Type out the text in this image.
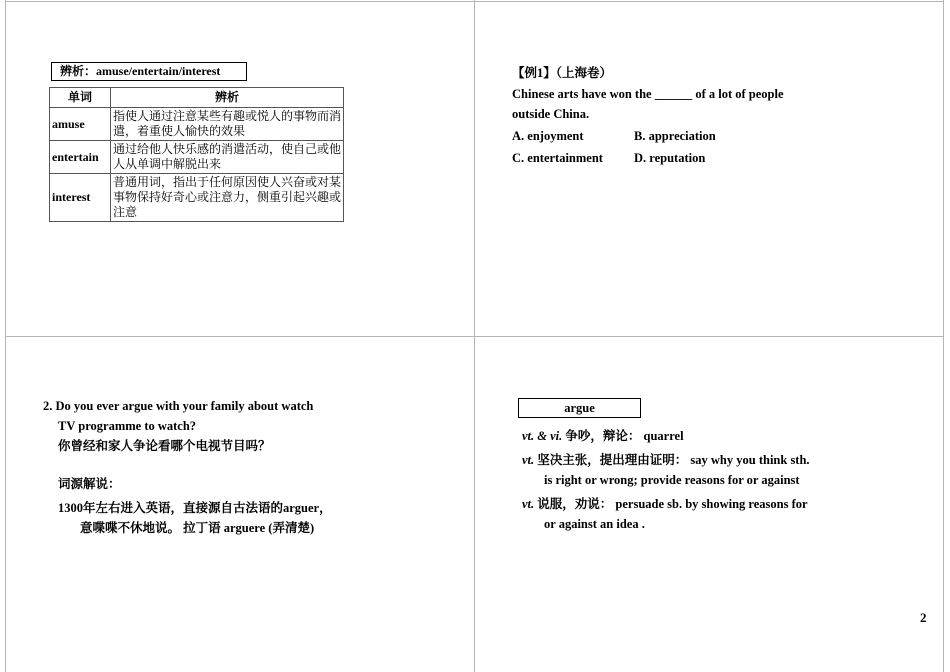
辨析：amuse/entertain/interest
单词	辨析
amuse	指使人通过注意某些有趣或悦人的事物而消遣，着重使人愉快的效果
entertain	通过给他人快乐感的消遣活动，使自己或他人从单调中解脱出来
interest	普通用词，指出于任何原因使人兴奋或对某事物保持好奇心或注意力，侧重引起兴趣或注意
【例1】（上海卷）
Chinese arts have won the ______ of a lot of people
outside China.
A. enjoyment	B. appreciation
C. entertainment D. reputation
2. Do you ever argue with your family about watch
TV programme to watch?
你曾经和家人争论看哪个电视节目吗？
词源解说：
1300年左右进入英语，直接源自古法语的arguer，
意喋喋不休地说。 拉丁语 arguere (弄清楚)
argue
vt. & vi. 争吵，辩论： quarrel
vt. 坚决主张，提出理由证明： say why you think sth.
is right or wrong; provide reasons for or against
vt. 说服，劝说： persuade sb. by showing reasons for
or against an idea .
2
